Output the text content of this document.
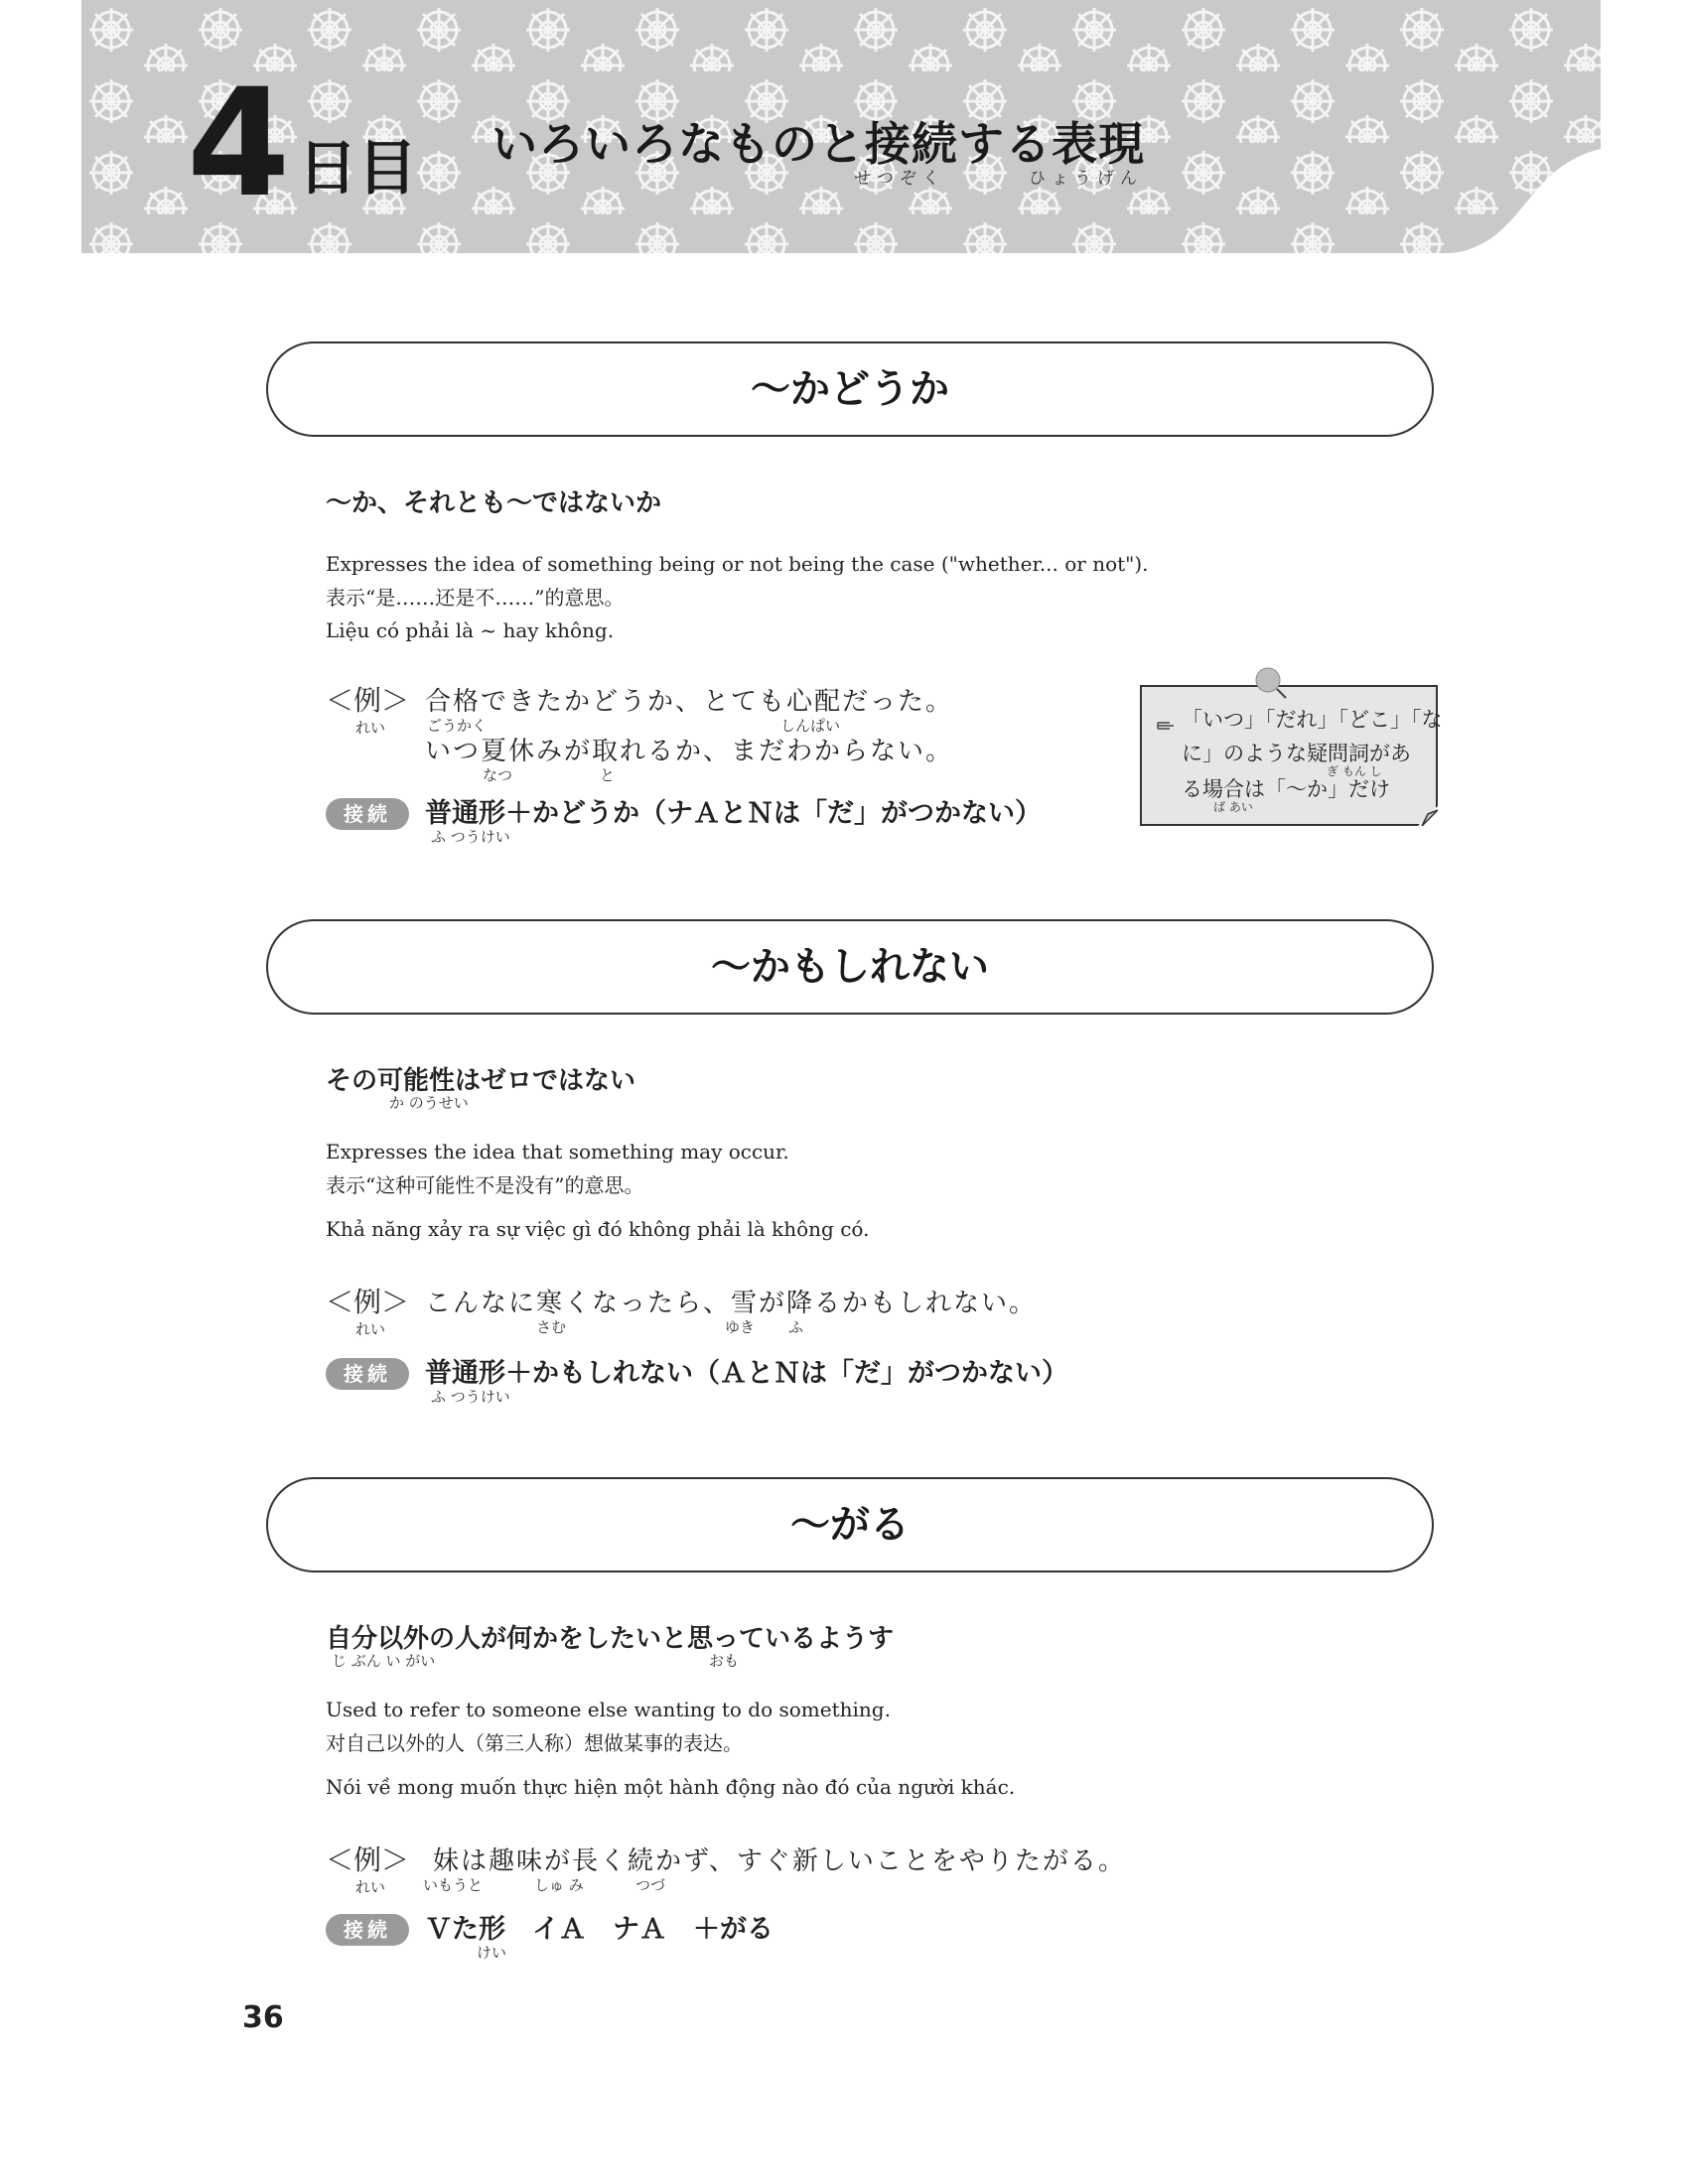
4 日目 いろいろなものと接続する表現
せつぞく	ひょうげん
～かどうか
～か、それとも～ではないか
Expresses the idea of something being or not being the case ("whether... or not").
表示“是……还是不……”的意思。
Liệu có phải là ~ hay không.
＜例＞
れい
合格できたかどうか、とても心配だった。
ごうかく	しんぱい
いつ夏休みが取れるか、まだわからない。
なつ	と
接続	普通形＋かどうか（ナＡとＮは「だ」がつかない）
ふ つうけい
「いつ」「だれ」「どこ」「な
に」のような疑問詞があ
ぎ もん し
る場合は「～か」だけ
ば あい
～かもしれない
その可能性はゼロではない
か のうせい
Expresses the idea that something may occur.
表示“这种可能性不是没有”的意思。
Khả năng xảy ra sự việc gì đó không phải là không có.
＜例＞
れい
こんなに寒くなったら、雪が降るかもしれない。
さむ	ゆき ふ
接続	普通形＋かもしれない（ＡとＮは「だ」がつかない）
ふ つうけい
～がる
自分以外の人が何かをしたいと思っているようす
じ ぶん い がい	おも
Used to refer to someone else wanting to do something.
对自己以外的人（第三人称）想做某事的表达。
Nói về mong muốn thực hiện một hành động nào đó của người khác.
＜例＞
れい
妹は趣味が長く続かず、すぐ新しいことをやりたがる。
いもうと	しゅ み	つづ
接続	Ｖた形　イＡ　ナＡ　＋がる
けい
36
